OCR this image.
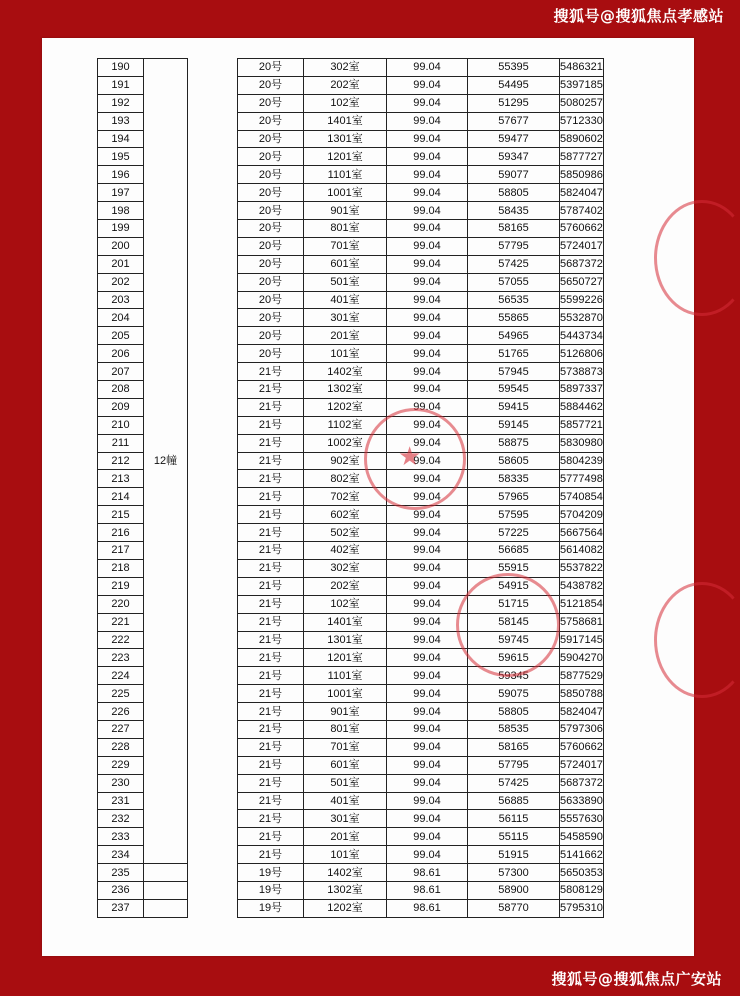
搜狐号@搜狐焦点孝感站
190	12幢		20号	302室	99.04	55395	5486321
191			20号	202室	99.04	54495	5397185
192			20号	102室	99.04	51295	5080257
193			20号	1401室	99.04	57677	5712330
194			20号	1301室	99.04	59477	5890602
195			20号	1201室	99.04	59347	5877727
196			20号	1101室	99.04	59077	5850986
197			20号	1001室	99.04	58805	5824047
198			20号	901室	99.04	58435	5787402
199			20号	801室	99.04	58165	5760662
200			20号	701室	99.04	57795	5724017
201			20号	601室	99.04	57425	5687372
202			20号	501室	99.04	57055	5650727
203			20号	401室	99.04	56535	5599226
204			20号	301室	99.04	55865	5532870
205			20号	201室	99.04	54965	5443734
206			20号	101室	99.04	51765	5126806
207			21号	1402室	99.04	57945	5738873
208			21号	1302室	99.04	59545	5897337
209			21号	1202室	99.04	59415	5884462
210			21号	1102室	99.04	59145	5857721
211			21号	1002室	99.04	58875	5830980
212			21号	902室	99.04	58605	5804239
213			21号	802室	99.04	58335	5777498
214			21号	702室	99.04	57965	5740854
215			21号	602室	99.04	57595	5704209
216			21号	502室	99.04	57225	5667564
217			21号	402室	99.04	56685	5614082
218			21号	302室	99.04	55915	5537822
219			21号	202室	99.04	54915	5438782
220			21号	102室	99.04	51715	5121854
221			21号	1401室	99.04	58145	5758681
222			21号	1301室	99.04	59745	5917145
223			21号	1201室	99.04	59615	5904270
224			21号	1101室	99.04	59345	5877529
225			21号	1001室	99.04	59075	5850788
226			21号	901室	99.04	58805	5824047
227			21号	801室	99.04	58535	5797306
228			21号	701室	99.04	58165	5760662
229			21号	601室	99.04	57795	5724017
230			21号	501室	99.04	57425	5687372
231			21号	401室	99.04	56885	5633890
232			21号	301室	99.04	56115	5557630
233			21号	201室	99.04	55115	5458590
234			21号	101室	99.04	51915	5141662
235			19号	1402室	98.61	57300	5650353
236			19号	1302室	98.61	58900	5808129
237			19号	1202室	98.61	58770	5795310
★
搜狐号@搜狐焦点广安站
